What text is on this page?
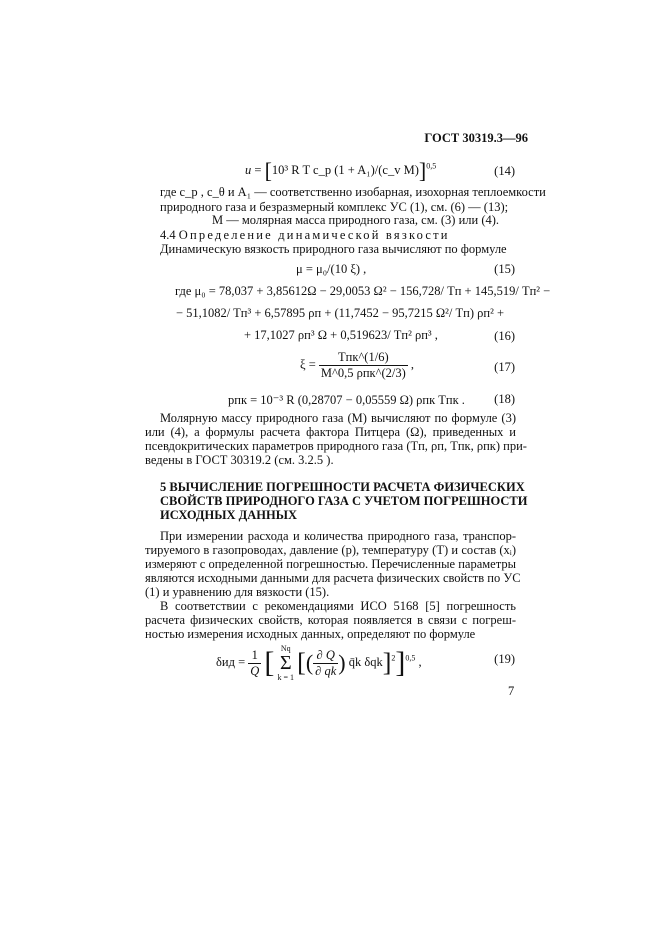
ГОСТ 30319.3—96
u = [10³ R T c_p (1 + A₁)/(c_v M)]$^{0,5}$	(14)
где c_p , c_θ и A₁ — соответственно изобарная, изохорная теплоемкости
природного газа и безразмерный комплекс УС (1), см. (6) — (13);
M — молярная масса природного газа, см. (3) или (4).
4.4 Определение динамической вязкости
Динамическую вязкость природного газа вычисляют по формуле
μ = μ₀/(10 ξ) ,	(15)
где μ₀ = 78,037 + 3,85612Ω − 29,0053 Ω² − 156,728/ Tп + 145,519/ Tп² −
− 51,1082/ Tп³ + 6,57895 ρп + (11,7452 − 95,7215 Ω²/ Tп) ρп² +
+ 17,1027 ρп³ Ω + 0,519623/ Tп² ρп³ ,	(16)
$\xi = \frac{\text{Tпк\textasciicircum{}(1/6)}}{\text{M\textasciicircum{}0,5 ρпк\textasciicircum{}(2/3)}}$ ,	(17)
pпк = 10⁻³ R (0,28707 − 0,05559 Ω) ρпк Tпк . (18)
Молярную массу природного газа (M) вычисляют по формуле (3)
или (4), а формулы расчета фактора Питцера (Ω), приведенных и
псевдокритических параметров природного газа (Tп, ρп, Tпк, ρпк) при-
ведены в ГОСТ 30319.2 (см. 3.2.5 ).
5 ВЫЧИСЛЕНИЕ ПОГРЕШНОСТИ РАСЧЕТА ФИЗИЧЕСКИХ
СВОЙСТВ ПРИРОДНОГО ГАЗА С УЧЕТОМ ПОГРЕШНОСТИ
ИСХОДНЫХ ДАННЫХ
При измерении расхода и количества природного газа, транспор-
тируемого в газопроводах, давление (p), температуру (T) и состав (xᵢ)
измеряют с определенной погрешностью. Перечисленные параметры
являются исходными данными для расчета физических свойств по УС
(1) и уравнению для вязкости (15).
В соответствии с рекомендациями ИСО 5168 [5] погрешность
расчета физических свойств, которая появляется в связи с погреш-
ностью измерения исходных данных, определяют по формуле
$\delta ид = \frac{1}{Q}$ [ Nq
Σ
k = 1
[( $\frac{\partial Q}{\partial qk}$ ) q̄k δqk]$^2$]$^{0,5}$ ,	(19)
7
